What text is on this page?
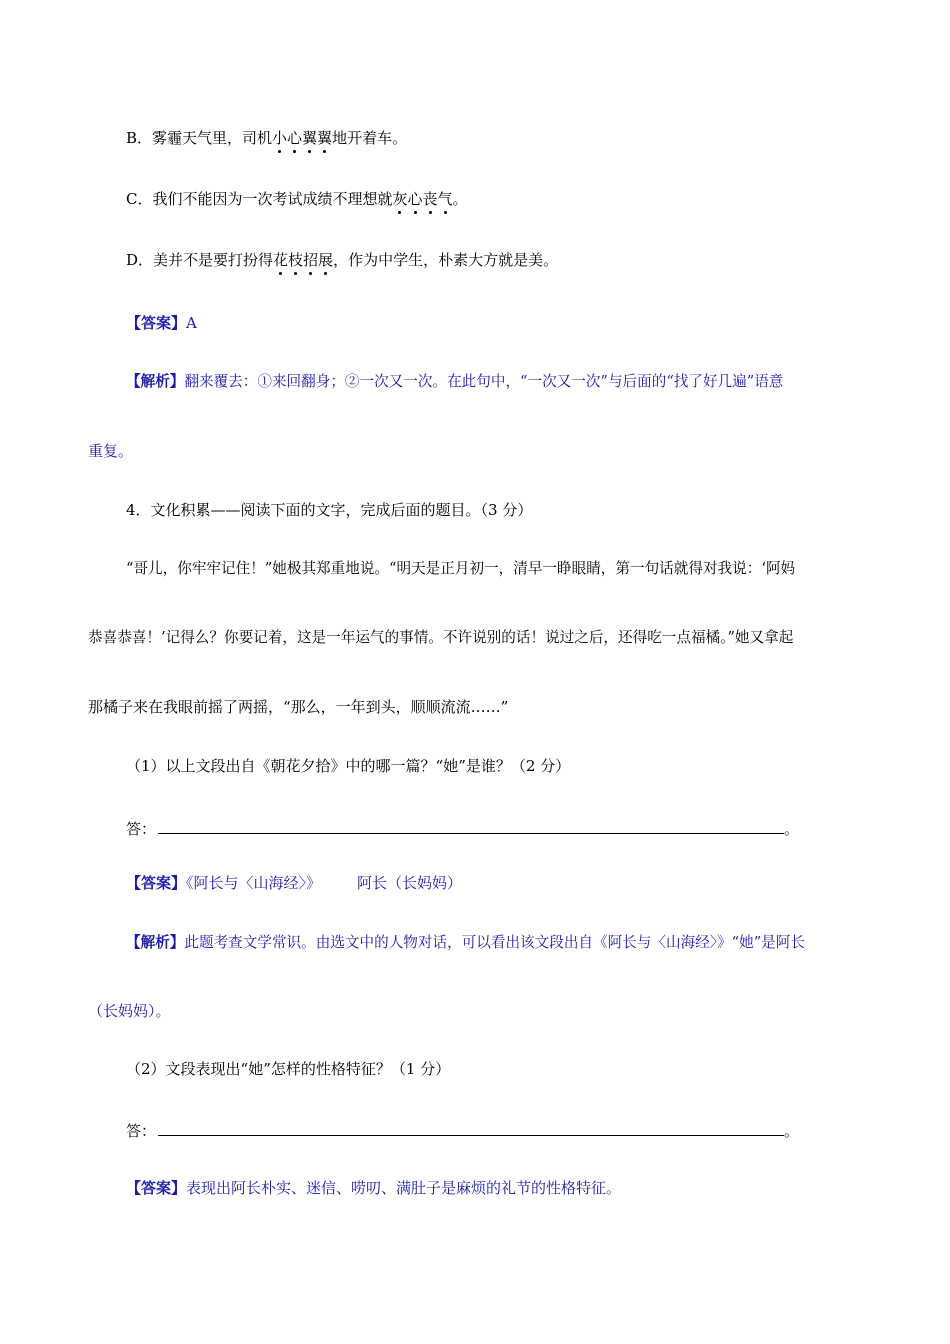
B．雾霾天气里，司机小心翼翼地开着车。
C．我们不能因为一次考试成绩不理想就灰心丧气。
D．美并不是要打扮得花枝招展，作为中学生，朴素大方就是美。
【答案】A
【解析】翻来覆去：①来回翻身；②一次又一次。在此句中，“一次又一次”与后面的“找了好几遍”语意
重复。
4．文化积累——阅读下面的文字，完成后面的题目。（3 分）
“哥儿，你牢牢记住！”她极其郑重地说。“明天是正月初一，清早一睁眼睛，第一句话就得对我说：‘阿妈
恭喜恭喜！’记得么？你要记着，这是一年运气的事情。不许说别的话！说过之后，还得吃一点福橘。”她又拿起
那橘子来在我眼前摇了两摇，“那么，一年到头，顺顺流流……”
（1）以上文段出自《朝花夕拾》中的哪一篇？“她”是谁？（2 分）
答：	。
【答案】《阿长与〈山海经〉》 阿长（长妈妈）
【解析】此题考查文学常识。由选文中的人物对话，可以看出该文段出自《阿长与〈山海经〉》“她”是阿长
（长妈妈）。
（2）文段表现出“她”怎样的性格特征？（1 分）
答：	。
【答案】表现出阿长朴实、迷信、唠叨、满肚子是麻烦的礼节的性格特征。
